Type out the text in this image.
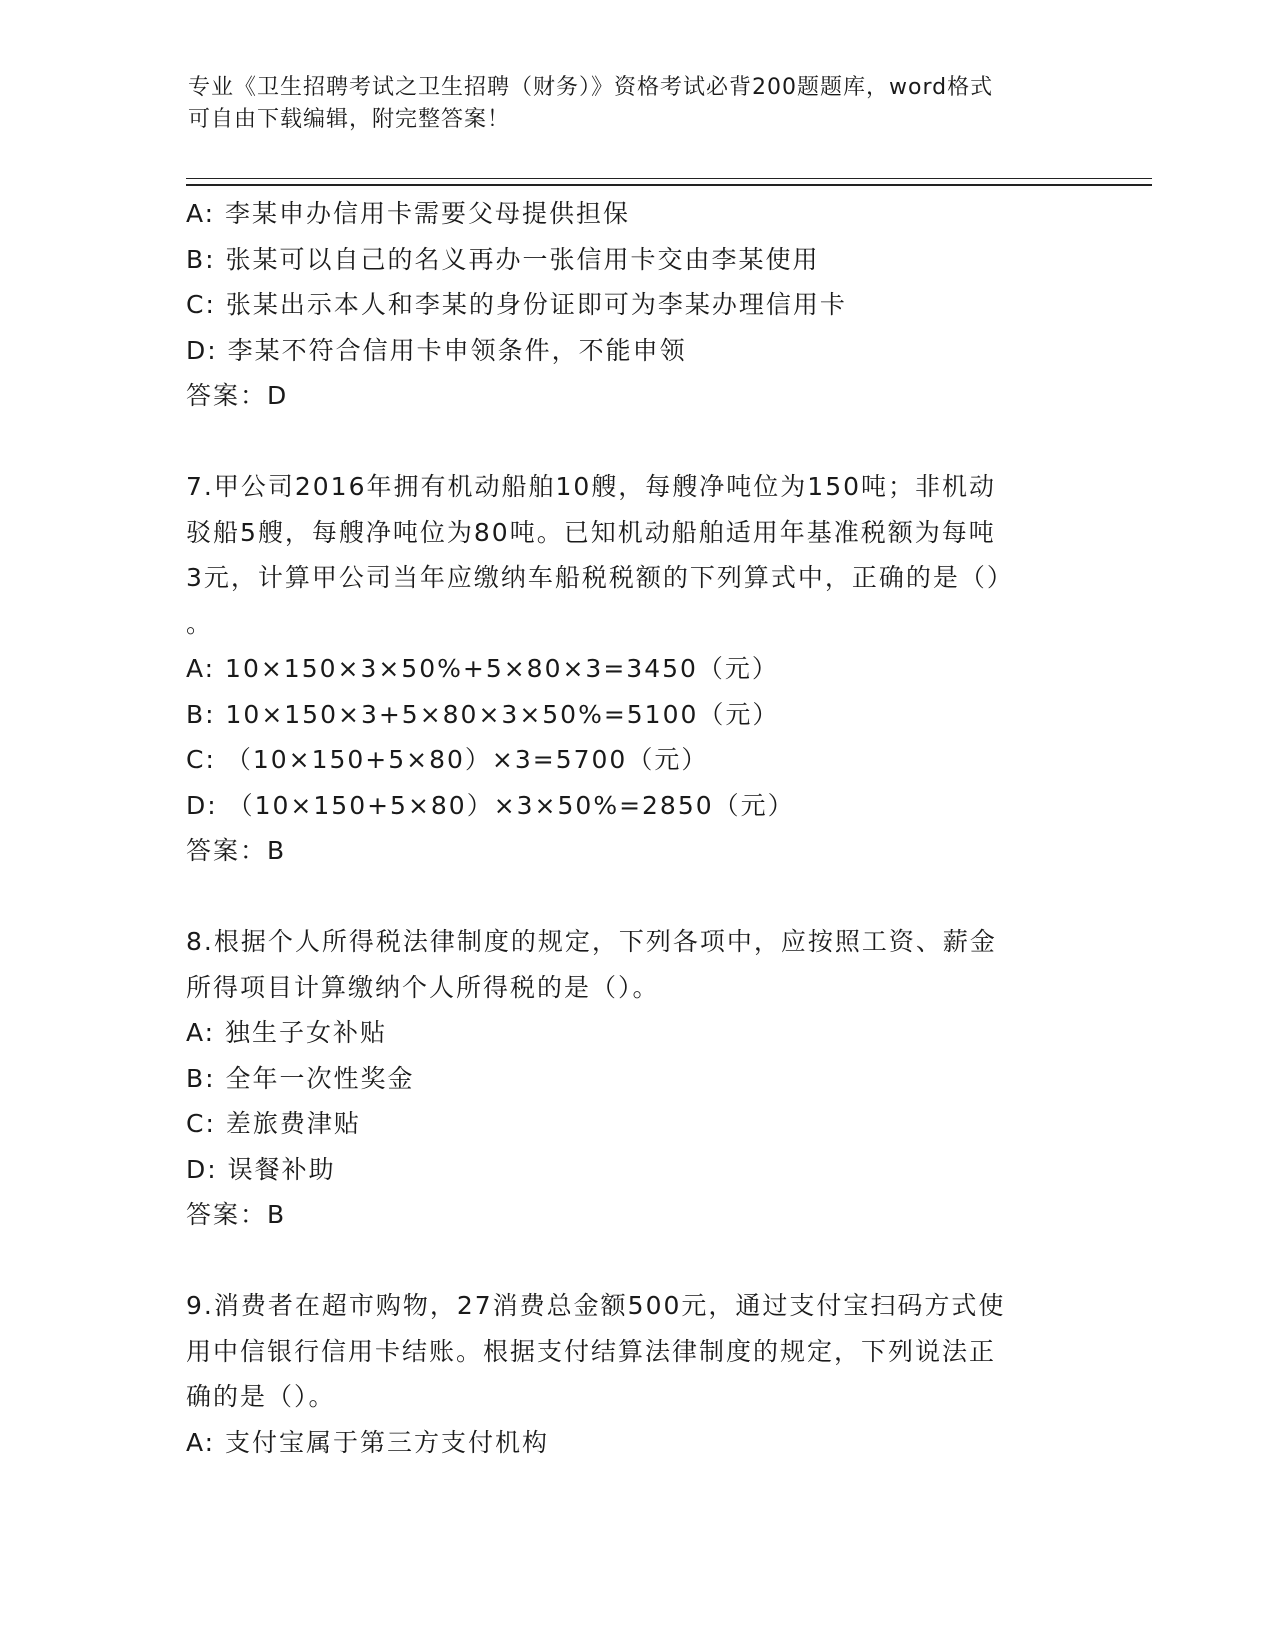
专业《卫生招聘考试之卫生招聘（财务）》资格考试必背200题题库，word格式
可自由下载编辑，附完整答案！

A: 李某申办信用卡需要父母提供担保

B: 张某可以自己的名义再办一张信用卡交由李某使用

C: 张某出示本人和李某的身份证即可为李某办理信用卡

D: 李某不符合信用卡申领条件，不能申领

答案：D

7.甲公司2016年拥有机动船舶10艘，每艘净吨位为150吨；非机动

驳船5艘，每艘净吨位为80吨。已知机动船舶适用年基准税额为每吨

3元，计算甲公司当年应缴纳车船税税额的下列算式中，正确的是（）

。

A: 10×150×3×50%+5×80×3=3450（元）

B: 10×150×3+5×80×3×50%=5100（元）

C: （10×150+5×80）×3=5700（元）

D: （10×150+5×80）×3×50%=2850（元）

答案：B

8.根据个人所得税法律制度的规定，下列各项中，应按照工资、薪金

所得项目计算缴纳个人所得税的是（）。

A: 独生子女补贴

B: 全年一次性奖金

C: 差旅费津贴

D: 误餐补助

答案：B

9.消费者在超市购物，27消费总金额500元，通过支付宝扫码方式使

用中信银行信用卡结账。根据支付结算法律制度的规定，下列说法正

确的是（）。

A: 支付宝属于第三方支付机构
